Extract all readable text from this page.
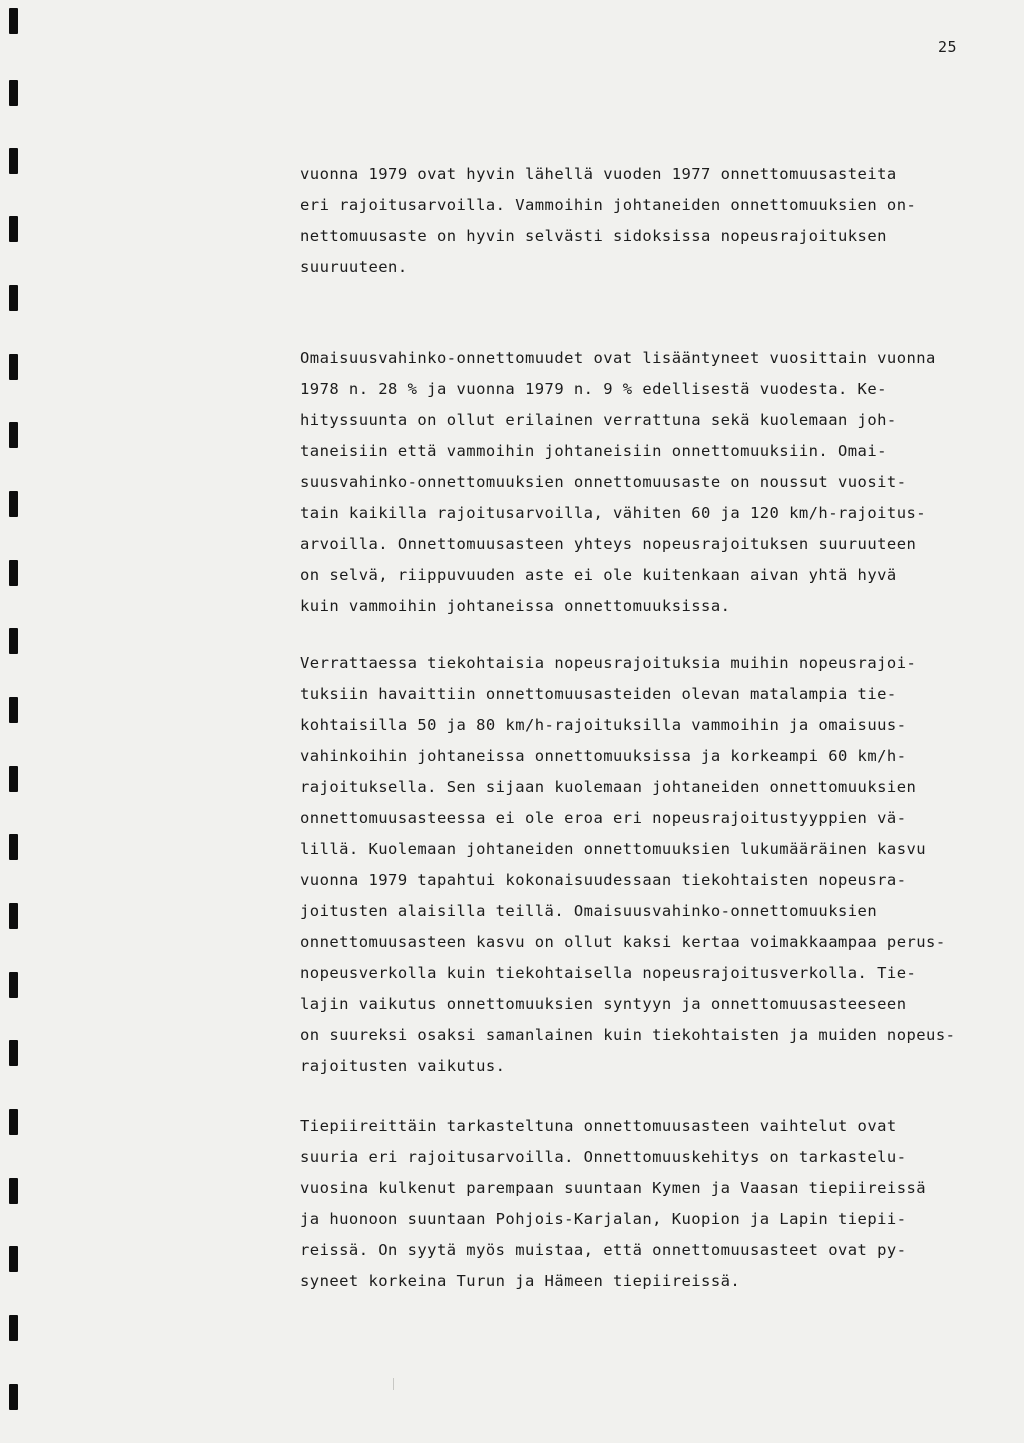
25
vuonna 1979 ovat hyvin lähellä vuoden 1977 onnettomuusasteita
eri rajoitusarvoilla. Vammoihin johtaneiden onnettomuuksien on-
nettomuusaste on hyvin selvästi sidoksissa nopeusrajoituksen
suuruuteen.
Omaisuusvahinko-onnettomuudet ovat lisääntyneet vuosittain vuonna
1978 n. 28 % ja vuonna 1979 n. 9 % edellisestä vuodesta. Ke-
hityssuunta on ollut erilainen verrattuna sekä kuolemaan joh-
taneisiin että vammoihin johtaneisiin onnettomuuksiin. Omai-
suusvahinko-onnettomuuksien onnettomuusaste on noussut vuosit-
tain kaikilla rajoitusarvoilla, vähiten 60 ja 120 km/h-rajoitus-
arvoilla. Onnettomuusasteen yhteys nopeusrajoituksen suuruuteen
on selvä, riippuvuuden aste ei ole kuitenkaan aivan yhtä hyvä
kuin vammoihin johtaneissa onnettomuuksissa.
Verrattaessa tiekohtaisia nopeusrajoituksia muihin nopeusrajoi-
tuksiin havaittiin onnettomuusasteiden olevan matalampia tie-
kohtaisilla 50 ja 80 km/h-rajoituksilla vammoihin ja omaisuus-
vahinkoihin johtaneissa onnettomuuksissa ja korkeampi 60 km/h-
rajoituksella. Sen sijaan kuolemaan johtaneiden onnettomuuksien
onnettomuusasteessa ei ole eroa eri nopeusrajoitustyyppien vä-
lillä. Kuolemaan johtaneiden onnettomuuksien lukumääräinen kasvu
vuonna 1979 tapahtui kokonaisuudessaan tiekohtaisten nopeusra-
joitusten alaisilla teillä. Omaisuusvahinko-onnettomuuksien
onnettomuusasteen kasvu on ollut kaksi kertaa voimakkaampaa perus-
nopeusverkolla kuin tiekohtaisella nopeusrajoitusverkolla. Tie-
lajin vaikutus onnettomuuksien syntyyn ja onnettomuusasteeseen
on suureksi osaksi samanlainen kuin tiekohtaisten ja muiden nopeus-
rajoitusten vaikutus.
Tiepiireittäin tarkasteltuna onnettomuusasteen vaihtelut ovat
suuria eri rajoitusarvoilla. Onnettomuuskehitys on tarkastelu-
vuosina kulkenut parempaan suuntaan Kymen ja Vaasan tiepiireissä
ja huonoon suuntaan Pohjois-Karjalan, Kuopion ja Lapin tiepii-
reissä. On syytä myös muistaa, että onnettomuusasteet ovat py-
syneet korkeina Turun ja Hämeen tiepiireissä.
